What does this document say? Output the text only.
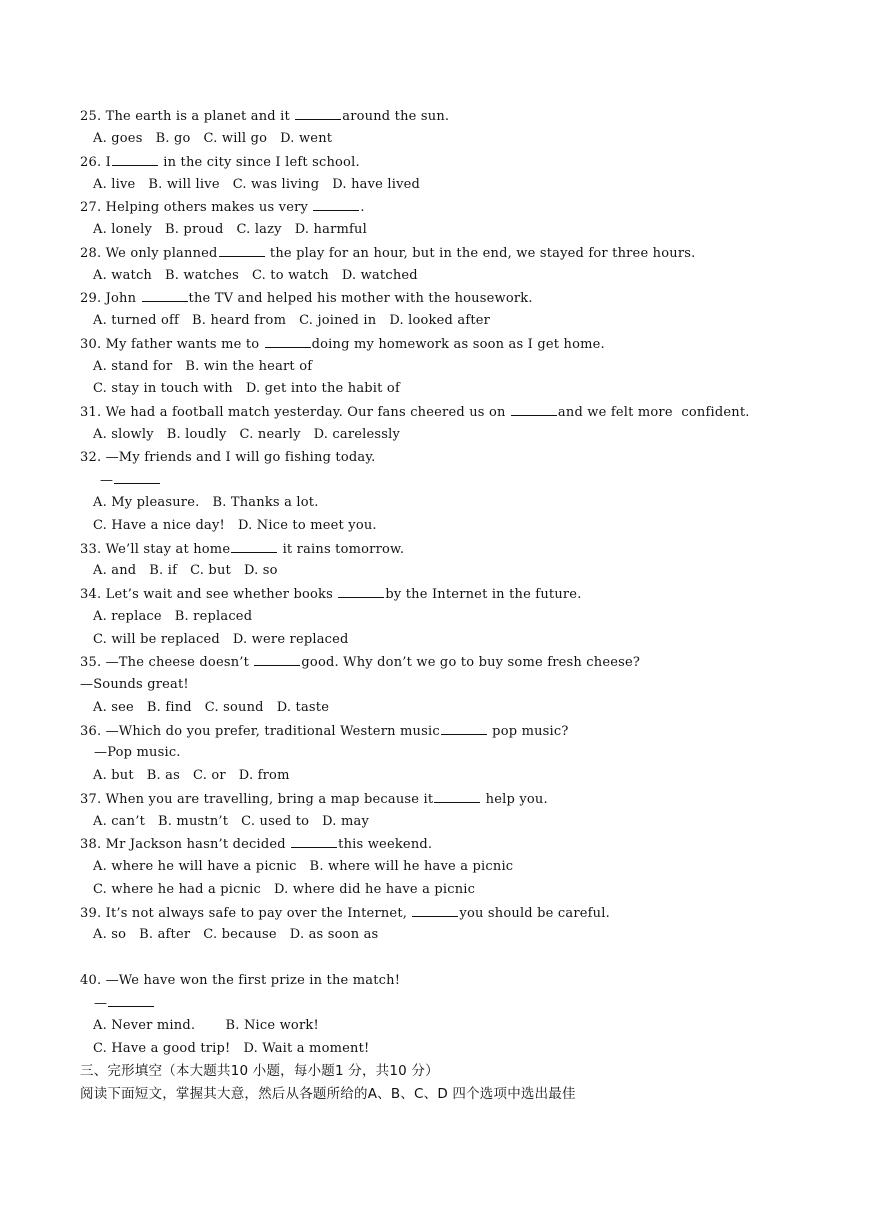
25. The earth is a planet and it	around the sun.
A. goes   B. go   C. will go   D. went
26. I	in the city since I left school.
A. live   B. will live   C. was living   D. have lived
27. Helping others makes us very	.
A. lonely   B. proud   C. lazy   D. harmful
28. We only planned	the play for an hour, but in the end, we stayed for three hours.
A. watch   B. watches   C. to watch   D. watched
29. John	the TV and helped his mother with the housework.
A. turned off   B. heard from   C. joined in   D. looked after
30. My father wants me to	doing my homework as soon as I get home.
A. stand for   B. win the heart of
C. stay in touch with   D. get into the habit of
31. We had a football match yesterday. Our fans cheered us on	and we felt more  confident.
A. slowly   B. loudly   C. nearly   D. carelessly
32. —My friends and I will go fishing today.
—
A. My pleasure.   B. Thanks a lot.
C. Have a nice day!   D. Nice to meet you.
33. We’ll stay at home	it rains tomorrow.
A. and   B. if   C. but   D. so
34. Let’s wait and see whether books	by the Internet in the future.
A. replace   B. replaced
C. will be replaced   D. were replaced
35. —The cheese doesn’t	good. Why don’t we go to buy some fresh cheese?
—Sounds great!
A. see   B. find   C. sound   D. taste
36. —Which do you prefer, traditional Western music	pop music?
—Pop music.
A. but   B. as   C. or   D. from
37. When you are travelling, bring a map because it	help you.
A. can’t   B. mustn’t   C. used to   D. may
38. Mr Jackson hasn’t decided	this weekend.
A. where he will have a picnic   B. where will he have a picnic
C. where he had a picnic   D. where did he have a picnic
39. It’s not always safe to pay over the Internet,	you should be careful.
A. so   B. after   C. because   D. as soon as
40. —We have won the first prize in the match!
—
A. Never mind.       B. Nice work!
C. Have a good trip!   D. Wait a moment!
三、完形填空（本大题共10 小题，每小题1 分，共10 分）
阅读下面短文，掌握其大意，然后从各题所给的A、B、C、D 四个选项中选出最佳
